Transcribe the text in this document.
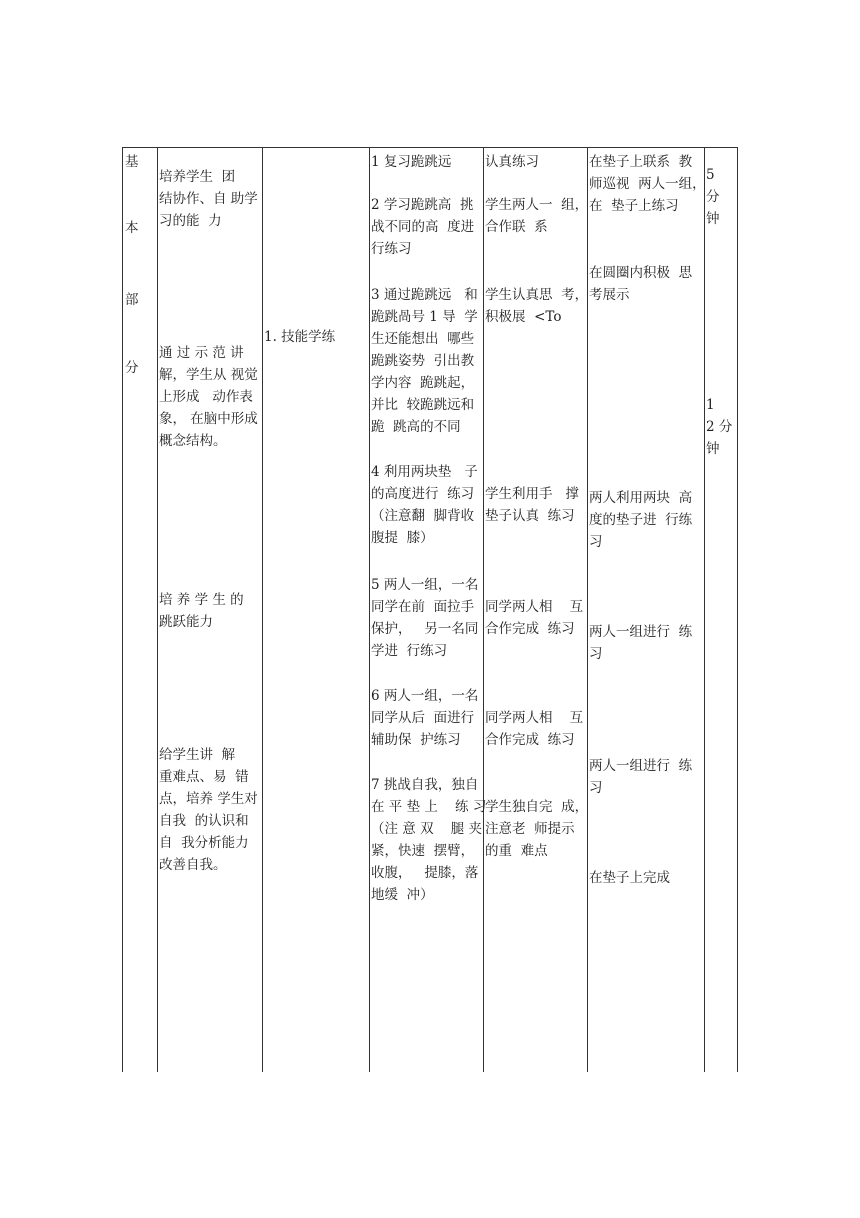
基
本
部
分
培养学生  团
结协作、自 助学
习的能  力
通 过 示 范 讲
解，学生从 视觉
上形成   动作表
象， 在脑中形成
概念结构。
培 养 学 生 的
跳跃能力
给学生讲  解
重难点、易  错
点，培养 学生对
自我  的认识和
自  我分析能力
改善自我。
1. 技能学练
1 复习跪跳远
2 学习跪跳高  挑
战不同的高  度进
行练习
3 通过跪跳远   和
跪跳咼号 1 导  学
生还能想出  哪些
跪跳姿势  引出教
学内容  跪跳起，
并比  较跪跳远和
跪  跳高的不同
4 利用两块垫   子
的高度进行  练习
（注意翻  脚背收
腹提  膝）
5 两人一组，一名
同学在前  面拉手
保护，   另一名同
学进  行练习
6 两人一组，一名
同学从后  面进行
辅助保  护练习
7 挑战自我，独自
在 平 垫 上    练 习
（注 意 双    腿 夹
紧，快速  摆臂，
收腹，   提膝，落
地缓  冲）
认真练习
学生两人一  组，
合作联  系
学生认真思  考，
积极展  <To
学生利用手   撑
垫子认真  练习
同学两人相    互
合作完成  练习
同学两人相    互
合作完成  练习
学生独自完  成，
注意老  师提示
的重  难点
在垫子上联系  教
师巡视  两人一组，
在  垫子上练习
在圆圈内积极  思
考展示
两人利用两块  高
度的垫子进  行练
习
两人一组进行  练
习
两人一组进行  练
习
在垫子上完成
5
分
钟
1
2 分
钟
